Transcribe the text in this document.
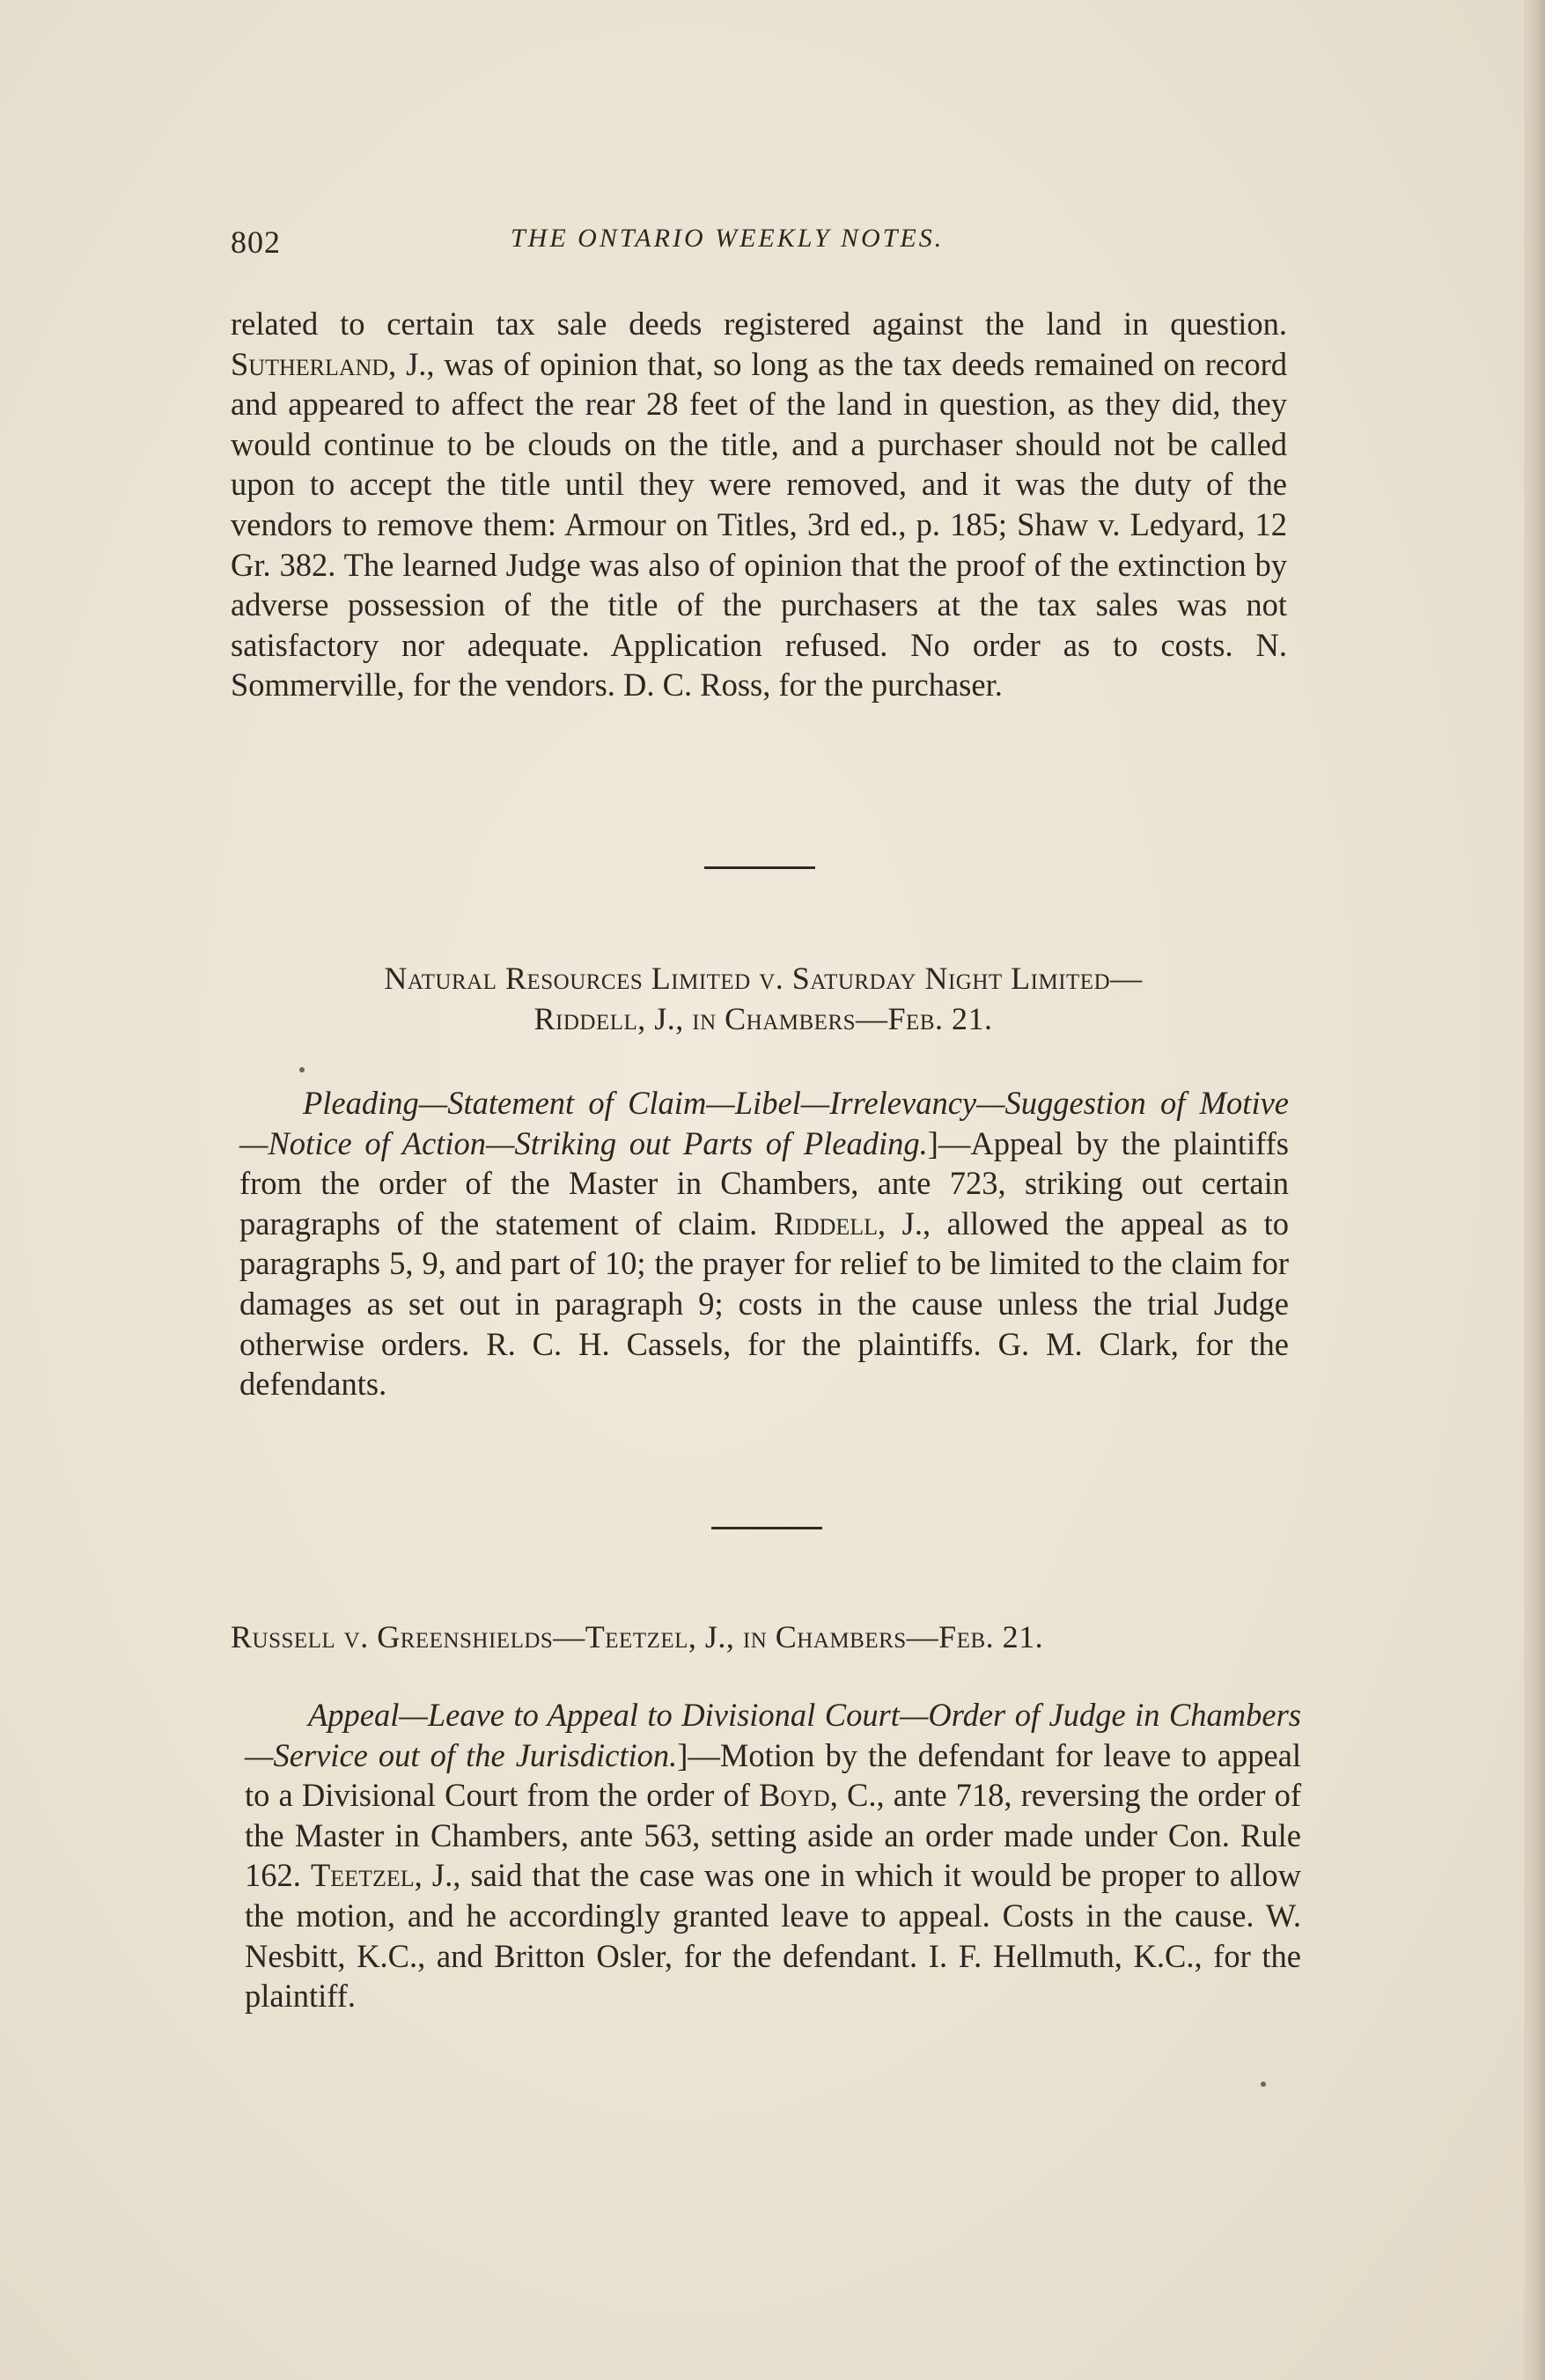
802	THE ONTARIO WEEKLY NOTES.

related to certain tax sale deeds registered against the land in question. Sutherland, J., was of opinion that, so long as the tax deeds remained on record and appeared to affect the rear 28 feet of the land in question, as they did, they would continue to be clouds on the title, and a purchaser should not be called upon to accept the title until they were removed, and it was the duty of the vendors to remove them: Armour on Titles, 3rd ed., p. 185; Shaw v. Ledyard, 12 Gr. 382. The learned Judge was also of opinion that the proof of the extinction by adverse possession of the title of the purchasers at the tax sales was not satisfactory nor adequate. Application refused. No order as to costs. N. Sommerville, for the vendors. D. C. Ross, for the purchaser.

Natural Resources Limited v. Saturday Night Limited—
Riddell, J., in Chambers—Feb. 21.

Pleading—Statement of Claim—Libel—Irrelevancy—Suggestion of Motive—Notice of Action—Striking out Parts of Pleading.]—Appeal by the plaintiffs from the order of the Master in Chambers, ante 723, striking out certain paragraphs of the statement of claim. Riddell, J., allowed the appeal as to paragraphs 5, 9, and part of 10; the prayer for relief to be limited to the claim for damages as set out in paragraph 9; costs in the cause unless the trial Judge otherwise orders. R. C. H. Cassels, for the plaintiffs. G. M. Clark, for the defendants.

Russell v. Greenshields—Teetzel, J., in Chambers—Feb. 21.

Appeal—Leave to Appeal to Divisional Court—Order of Judge in Chambers—Service out of the Jurisdiction.]—Motion by the defendant for leave to appeal to a Divisional Court from the order of Boyd, C., ante 718, reversing the order of the Master in Chambers, ante 563, setting aside an order made under Con. Rule 162. Teetzel, J., said that the case was one in which it would be proper to allow the motion, and he accordingly granted leave to appeal. Costs in the cause. W. Nesbitt, K.C., and Britton Osler, for the defendant. I. F. Hellmuth, K.C., for the plaintiff.
